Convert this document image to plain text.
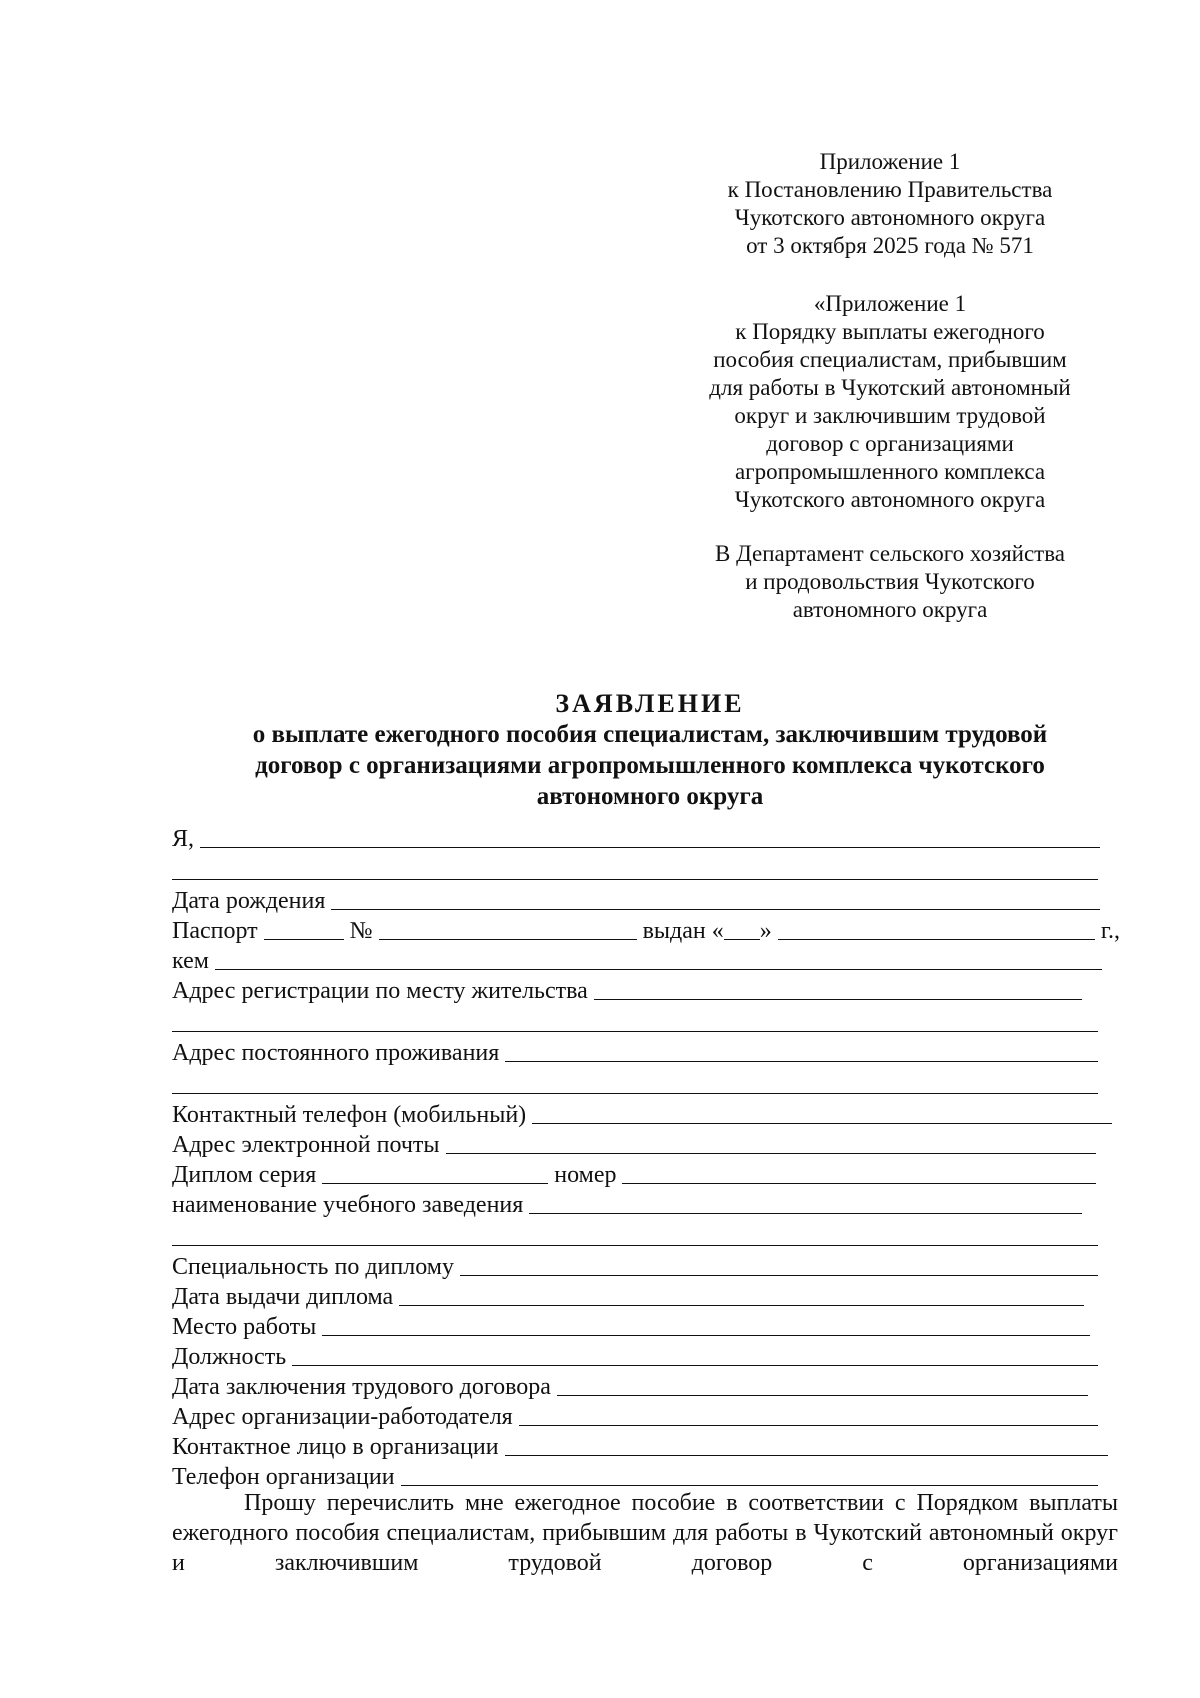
Приложение 1
к Постановлению Правительства
Чукотского автономного округа
от 3 октября 2025 года № 571
«Приложение 1
к Порядку выплаты ежегодного
пособия специалистам, прибывшим
для работы в Чукотский автономный
округ и заключившим трудовой
договор с организациями
агропромышленного комплекса
Чукотского автономного округа
В Департамент сельского хозяйства
и продовольствия Чукотского
автономного округа
ЗАЯВЛЕНИЕ
о выплате ежегодного пособия специалистам, заключившим трудовой
договор с организациями агропромышленного комплекса чукотского
автономного округа
Я,
Дата рождения
Паспорт	№	выдан « »	г.,
кем
Адрес регистрации по месту жительства
Адрес постоянного проживания
Контактный телефон (мобильный)
Адрес электронной почты
Диплом серия	номер
наименование учебного заведения
Специальность по диплому
Дата выдачи диплома
Место работы
Должность
Дата заключения трудового договора
Адрес организации-работодателя
Контактное лицо в организации
Телефон организации
Прошу перечислить мне ежегодное пособие в соответствии с Порядком выплаты ежегодного пособия специалистам, прибывшим для работы в Чукотский автономный округ и заключившим трудовой договор с организациями
